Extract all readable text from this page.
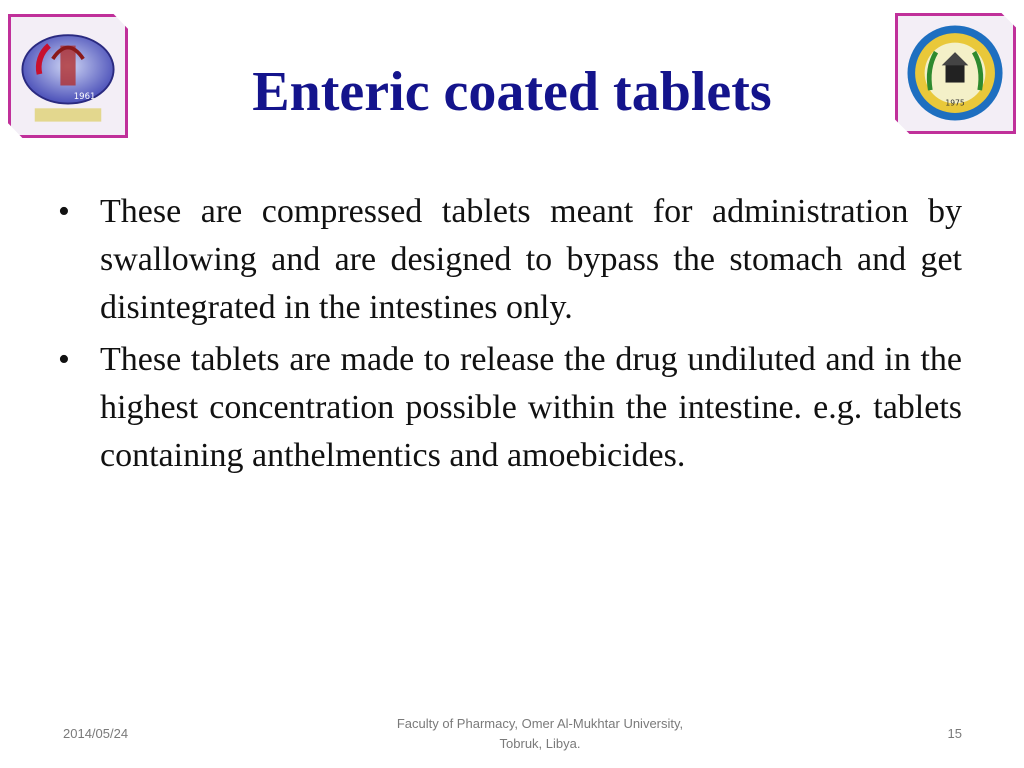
1961
1975
Enteric coated tablets
• These are compressed tablets meant for administration by swallowing and are designed to bypass the stomach and get disintegrated in the intestines only.
• These tablets are made to release the drug undiluted and in the highest concentration possible within the intestine. e.g. tablets containing anthelmentics and amoebicides.
2014/05/24
Faculty of Pharmacy, Omer Al-Mukhtar University,
Tobruk, Libya.
15
